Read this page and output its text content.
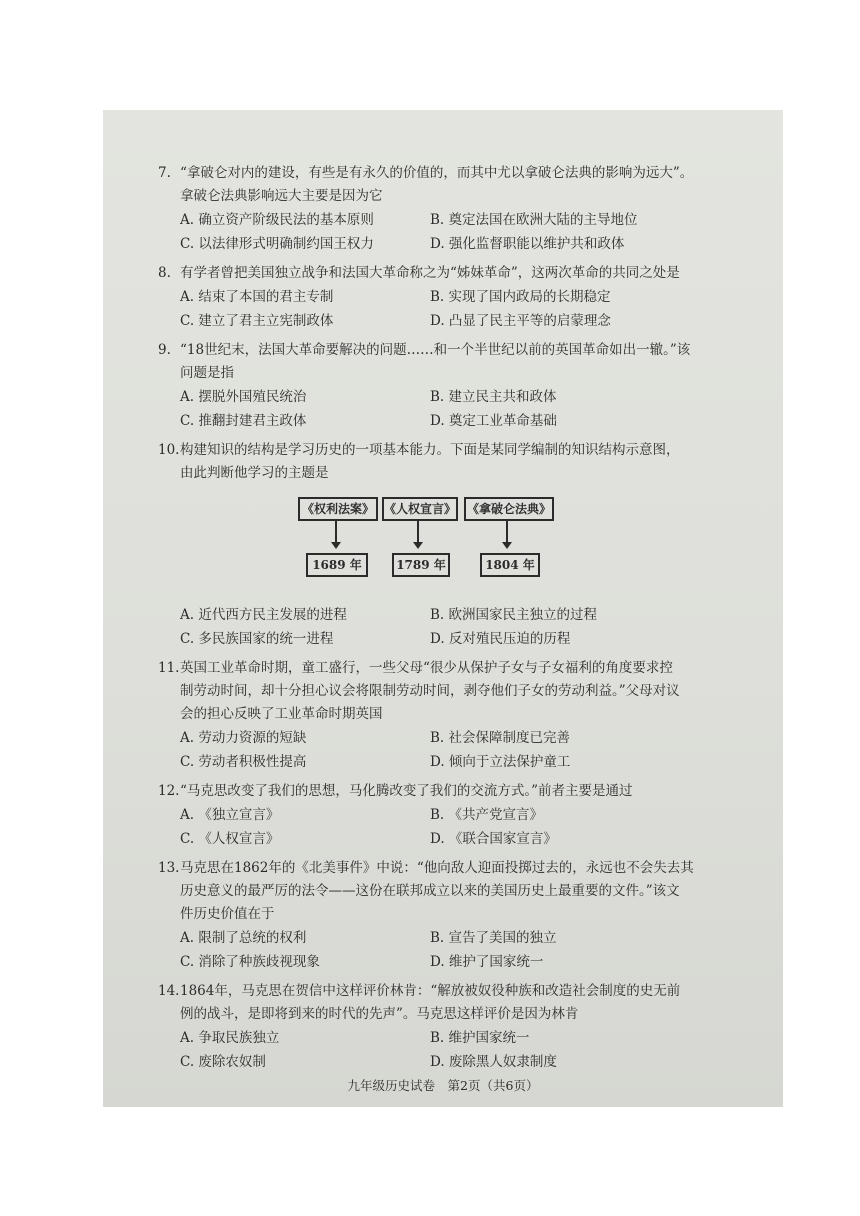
7. “拿破仑对内的建设，有些是有永久的价值的，而其中尤以拿破仑法典的影响为远大”。
拿破仑法典影响远大主要是因为它
A. 确立资产阶级民法的基本原则	B. 奠定法国在欧洲大陆的主导地位
C. 以法律形式明确制约国王权力	D. 强化监督职能以维护共和政体
8. 有学者曾把美国独立战争和法国大革命称之为“姊妹革命”，这两次革命的共同之处是
A. 结束了本国的君主专制	B. 实现了国内政局的长期稳定
C. 建立了君主立宪制政体	D. 凸显了民主平等的启蒙理念
9. “18世纪末，法国大革命要解决的问题……和一个半世纪以前的英国革命如出一辙。”该
问题是指
A. 摆脱外国殖民统治	B. 建立民主共和政体
C. 推翻封建君主政体	D. 奠定工业革命基础
10. 构建知识的结构是学习历史的一项基本能力。下面是某同学编制的知识结构示意图，
由此判断他学习的主题是
《权利法案》 《人权宣言》 《拿破仑法典》
1689 年	1789 年	1804 年
A. 近代西方民主发展的进程	B. 欧洲国家民主独立的过程
C. 多民族国家的统一进程	D. 反对殖民压迫的历程
11. 英国工业革命时期，童工盛行，一些父母“很少从保护子女与子女福利的角度要求控
制劳动时间，却十分担心议会将限制劳动时间，剥夺他们子女的劳动利益。”父母对议
会的担心反映了工业革命时期英国
A. 劳动力资源的短缺	B. 社会保障制度已完善
C. 劳动者积极性提高	D. 倾向于立法保护童工
12. “马克思改变了我们的思想，马化腾改变了我们的交流方式。”前者主要是通过
A. 《独立宣言》	B. 《共产党宣言》
C. 《人权宣言》	D. 《联合国家宣言》
13. 马克思在1862年的《北美事件》中说：“他向敌人迎面投掷过去的，永远也不会失去其
历史意义的最严厉的法令——这份在联邦成立以来的美国历史上最重要的文件。”该文
件历史价值在于
A. 限制了总统的权利	B. 宣告了美国的独立
C. 消除了种族歧视现象	D. 维护了国家统一
14. 1864年，马克思在贺信中这样评价林肯：“解放被奴役种族和改造社会制度的史无前
例的战斗，是即将到来的时代的先声”。马克思这样评价是因为林肯
A. 争取民族独立	B. 维护国家统一
C. 废除农奴制	D. 废除黑人奴隶制度
九年级历史试卷　第2页（共6页）
